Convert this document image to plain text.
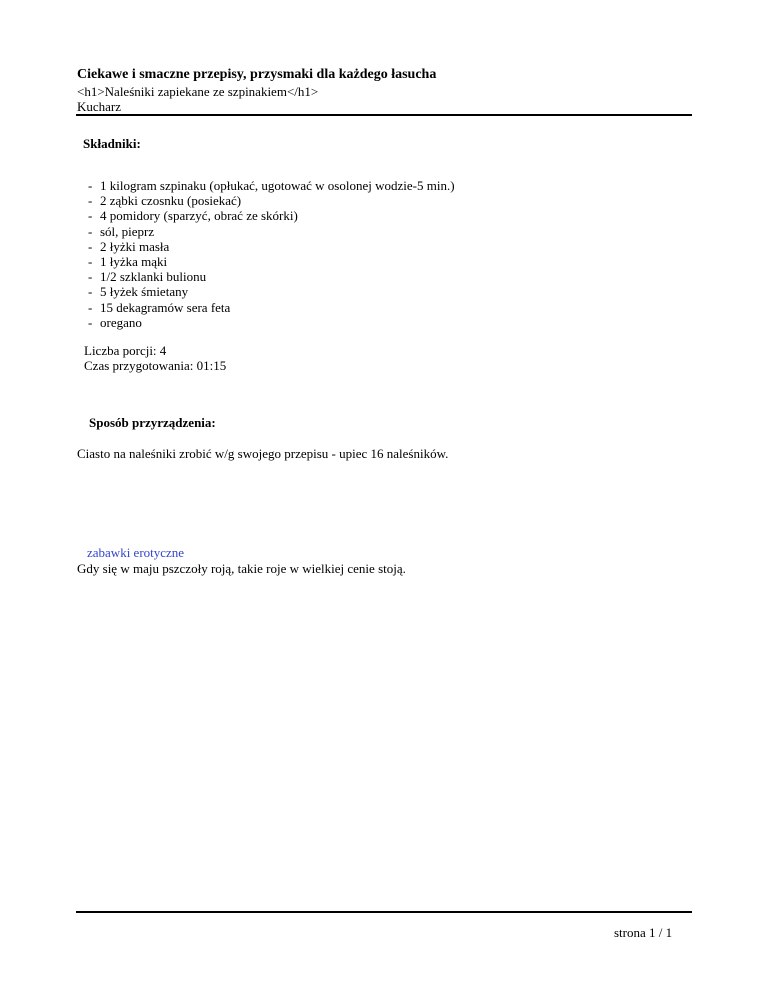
Ciekawe i smaczne przepisy, przysmaki dla każdego łasucha
<h1>Naleśniki zapiekane ze szpinakiem</h1>
Kucharz
Składniki:
- 1 kilogram szpinaku (opłukać, ugotować w osolonej wodzie-5 min.)
- 2 ząbki czosnku (posiekać)
- 4 pomidory (sparzyć, obrać ze skórki)
- sól, pieprz
- 2 łyżki masła
- 1 łyżka mąki
- 1/2 szklanki bulionu
- 5 łyżek śmietany
- 15 dekagramów sera feta
- oregano
Liczba porcji: 4
Czas przygotowania: 01:15
Sposób przyrządzenia:
Ciasto na naleśniki zrobić w/g swojego przepisu - upiec 16 naleśników.
zabawki erotyczne
Gdy się w maju pszczoły roją, takie roje w wielkiej cenie stoją.
strona 1 / 1
